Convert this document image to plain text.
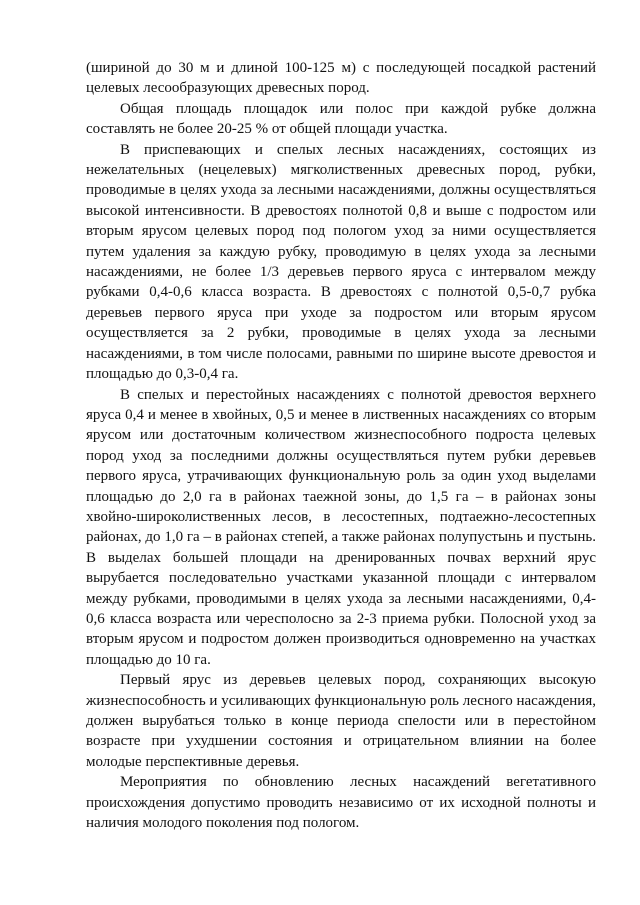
(шириной до 30 м и длиной 100-125 м) с последующей посадкой растений целевых лесообразующих древесных пород.

Общая площадь площадок или полос при каждой рубке должна составлять не более 20-25 % от общей площади участка.

В приспевающих и спелых лесных насаждениях, состоящих из нежелательных (нецелевых) мягколиственных древесных пород, рубки, проводимые в целях ухода за лесными насаждениями, должны осуществляться высокой интенсивности. В древостоях полнотой 0,8 и выше с подростом или вторым ярусом целевых пород под пологом уход за ними осуществляется путем удаления за каждую рубку, проводимую в целях ухода за лесными насаждениями, не более 1/3 деревьев первого яруса с интервалом между рубками 0,4-0,6 класса возраста. В древостоях с полнотой 0,5-0,7 рубка деревьев первого яруса при уходе за подростом или вторым ярусом осуществляется за 2 рубки, проводимые в целях ухода за лесными насаждениями, в том числе полосами, равными по ширине высоте древостоя и площадью до 0,3-0,4 га.

В спелых и перестойных насаждениях с полнотой древостоя верхнего яруса 0,4 и менее в хвойных, 0,5 и менее в лиственных насаждениях со вторым ярусом или достаточным количеством жизнеспособного подроста целевых пород уход за последними должны осуществляться путем рубки деревьев первого яруса, утрачивающих функциональную роль за один уход выделами площадью до 2,0 га в районах таежной зоны, до 1,5 га – в районах зоны хвойно-широколиственных лесов, в лесостепных, подтаежно-лесостепных районах, до 1,0 га – в районах степей, а также районах полупустынь и пустынь. В выделах большей площади на дренированных почвах верхний ярус вырубается последовательно участками указанной площади с интервалом между рубками, проводимыми в целях ухода за лесными насаждениями, 0,4-0,6 класса возраста или чересполосно за 2-3 приема рубки. Полосной уход за вторым ярусом и подростом должен производиться одновременно на участках площадью до 10 га.

Первый ярус из деревьев целевых пород, сохраняющих высокую жизнеспособность и усиливающих функциональную роль лесного насаждения, должен вырубаться только в конце периода спелости или в перестойном возрасте при ухудшении состояния и отрицательном влиянии на более молодые перспективные деревья.

Мероприятия по обновлению лесных насаждений вегетативного происхождения допустимо проводить независимо от их исходной полноты и наличия молодого поколения под пологом.
